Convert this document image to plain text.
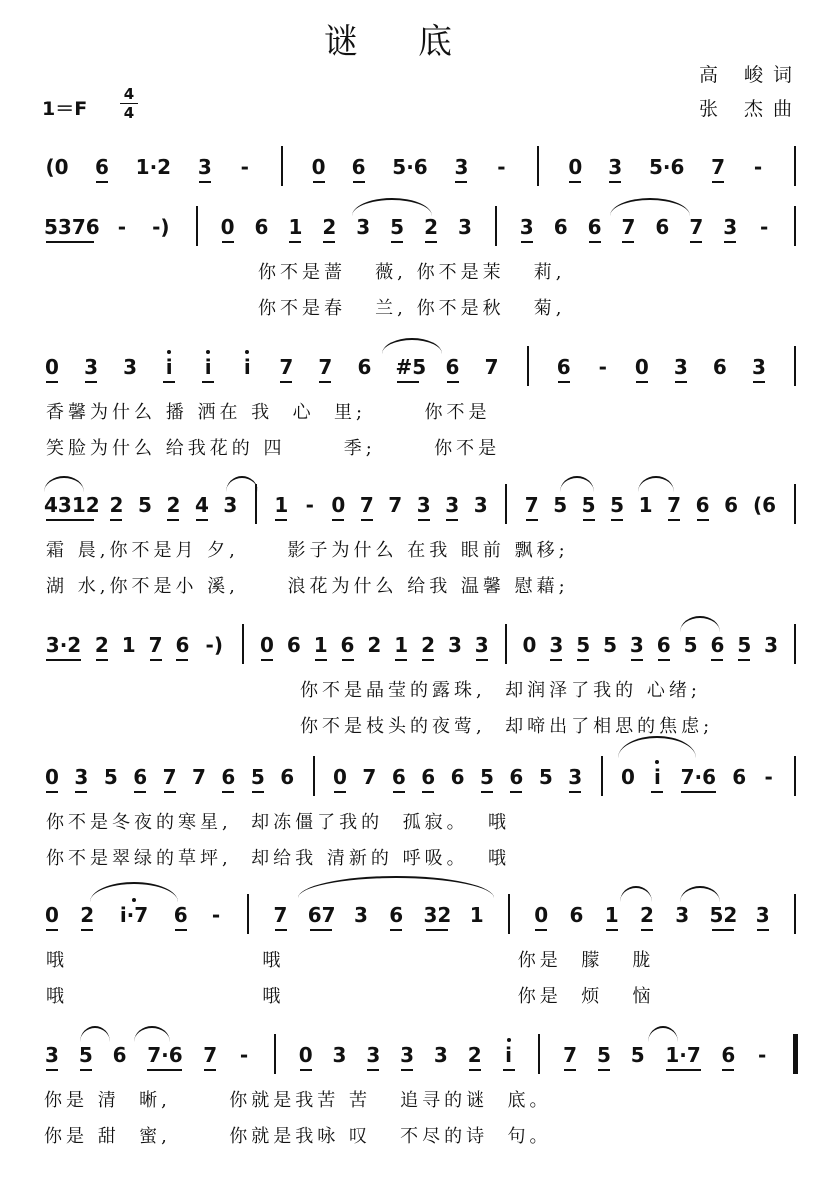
谜底
高 峻词
张 杰曲
1＝F
4
4
(0 6 1·2 3 -	0 6 5·6 3 -	0 3 5·6 7 -
5376 - -)	0 6 1 2 3 5 2 3 3 6 6 7 6 7 3 -
你不是蔷   薇, 你不是茉   莉,
你不是春   兰, 你不是秋   菊,
0 3 3 i i i 7 7 6 #5 6 7	6 - 0 3 6 3
香馨为什么 播 洒在 我  心  里;      你不是
笑脸为什么 给我花的 四      季;      你不是
4312 2 5 2 4 3 1 - 0 7 7 3 3 3 7 5 5 5 1 7 6 6 (6
霜 晨,你不是月 夕,     影子为什么 在我 眼前 飘移;
湖 水,你不是小 溪,     浪花为什么 给我 温馨 慰藉;
3·2 2 1 7 6 -) 0 6 1 6 2 1 2 3 3 0 3 5 5 3 6 5 6 5 3
你不是晶莹的露珠,  却润泽了我的 心绪;
你不是枝头的夜莺,  却啼出了相思的焦虑;
0 3 5 6 7 7 6 5 6 0 7 6 6 6 5 6 5 3 0 i 7·6 6 -
你不是冬夜的寒星,  却冻僵了我的  孤寂。  哦
你不是翠绿的草坪,  却给我 清新的 呼吸。  哦
0 2 i·7 6 -	7 67 3 6 32 1	0 6 1 2 3 52 3
哦                    哦                        你是  朦   胧
哦                    哦                        你是  烦   恼
3 5 6 7·6 7 -	0 3 3 3 3 2 i	7 5 5 1·7 6 -
你是 清  晰,      你就是我苦 苦   追寻的谜  底。
你是 甜  蜜,      你就是我咏 叹   不尽的诗  句。
